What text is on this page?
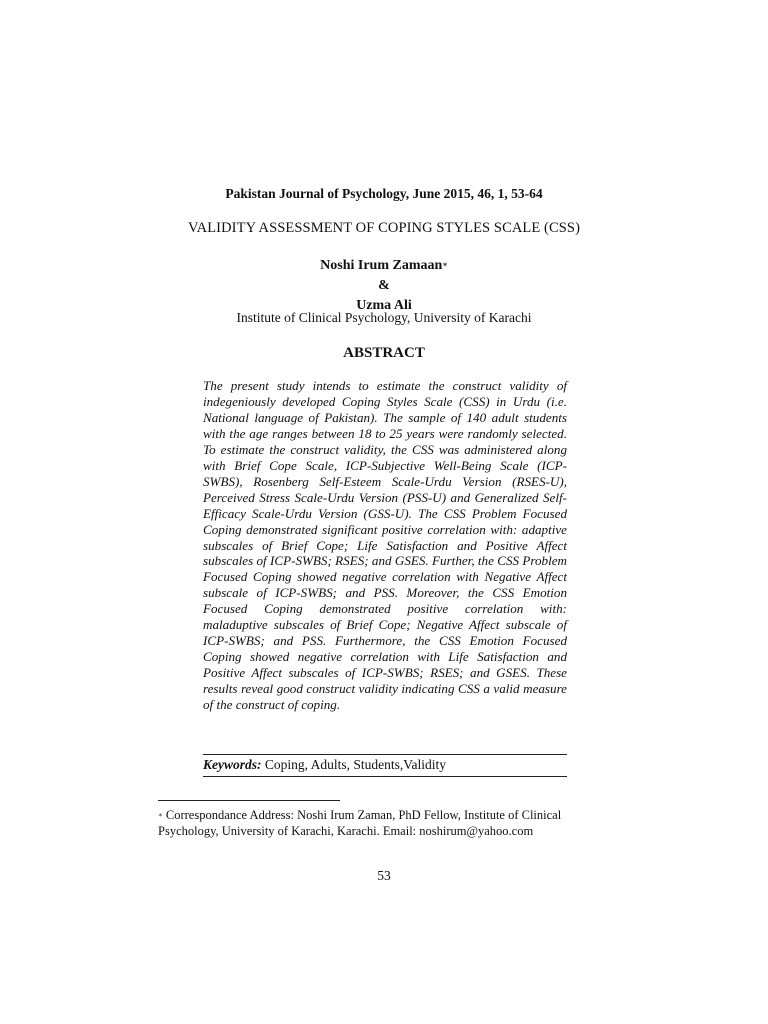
Pakistan Journal of Psychology, June 2015, 46, 1, 53-64
VALIDITY ASSESSMENT OF COPING STYLES SCALE (CSS)
Noshi Irum Zamaan∗
&
Uzma Ali
Institute of Clinical Psychology, University of Karachi
ABSTRACT
The present study intends to estimate the construct validity of indegeniously developed Coping Styles Scale (CSS) in Urdu (i.e. National language of Pakistan). The sample of 140 adult students with the age ranges between 18 to 25 years were randomly selected. To estimate the construct validity, the CSS was administered along with Brief Cope Scale, ICP-Subjective Well-Being Scale (ICP-SWBS), Rosenberg Self-Esteem Scale-Urdu Version (RSES-U), Perceived Stress Scale-Urdu Version (PSS-U) and Generalized Self-Efficacy Scale-Urdu Version (GSS-U). The CSS Problem Focused Coping demonstrated significant positive correlation with: adaptive subscales of Brief Cope; Life Satisfaction and Positive Affect subscales of ICP-SWBS; RSES; and GSES. Further, the CSS Problem Focused Coping showed negative correlation with Negative Affect subscale of ICP-SWBS; and PSS. Moreover, the CSS Emotion Focused Coping demonstrated positive correlation with: maladuptive subscales of Brief Cope; Negative Affect subscale of ICP-SWBS; and PSS. Furthermore, the CSS Emotion Focused Coping showed negative correlation with Life Satisfaction and Positive Affect subscales of ICP-SWBS; RSES; and GSES. These results reveal good construct validity indicating CSS a valid measure of the construct of coping.
Keywords: Coping, Adults, Students,Validity
∗ Correspondance Address: Noshi Irum Zaman, PhD Fellow, Institute of Clinical Psychology, University of Karachi, Karachi. Email: noshirum@yahoo.com
53
